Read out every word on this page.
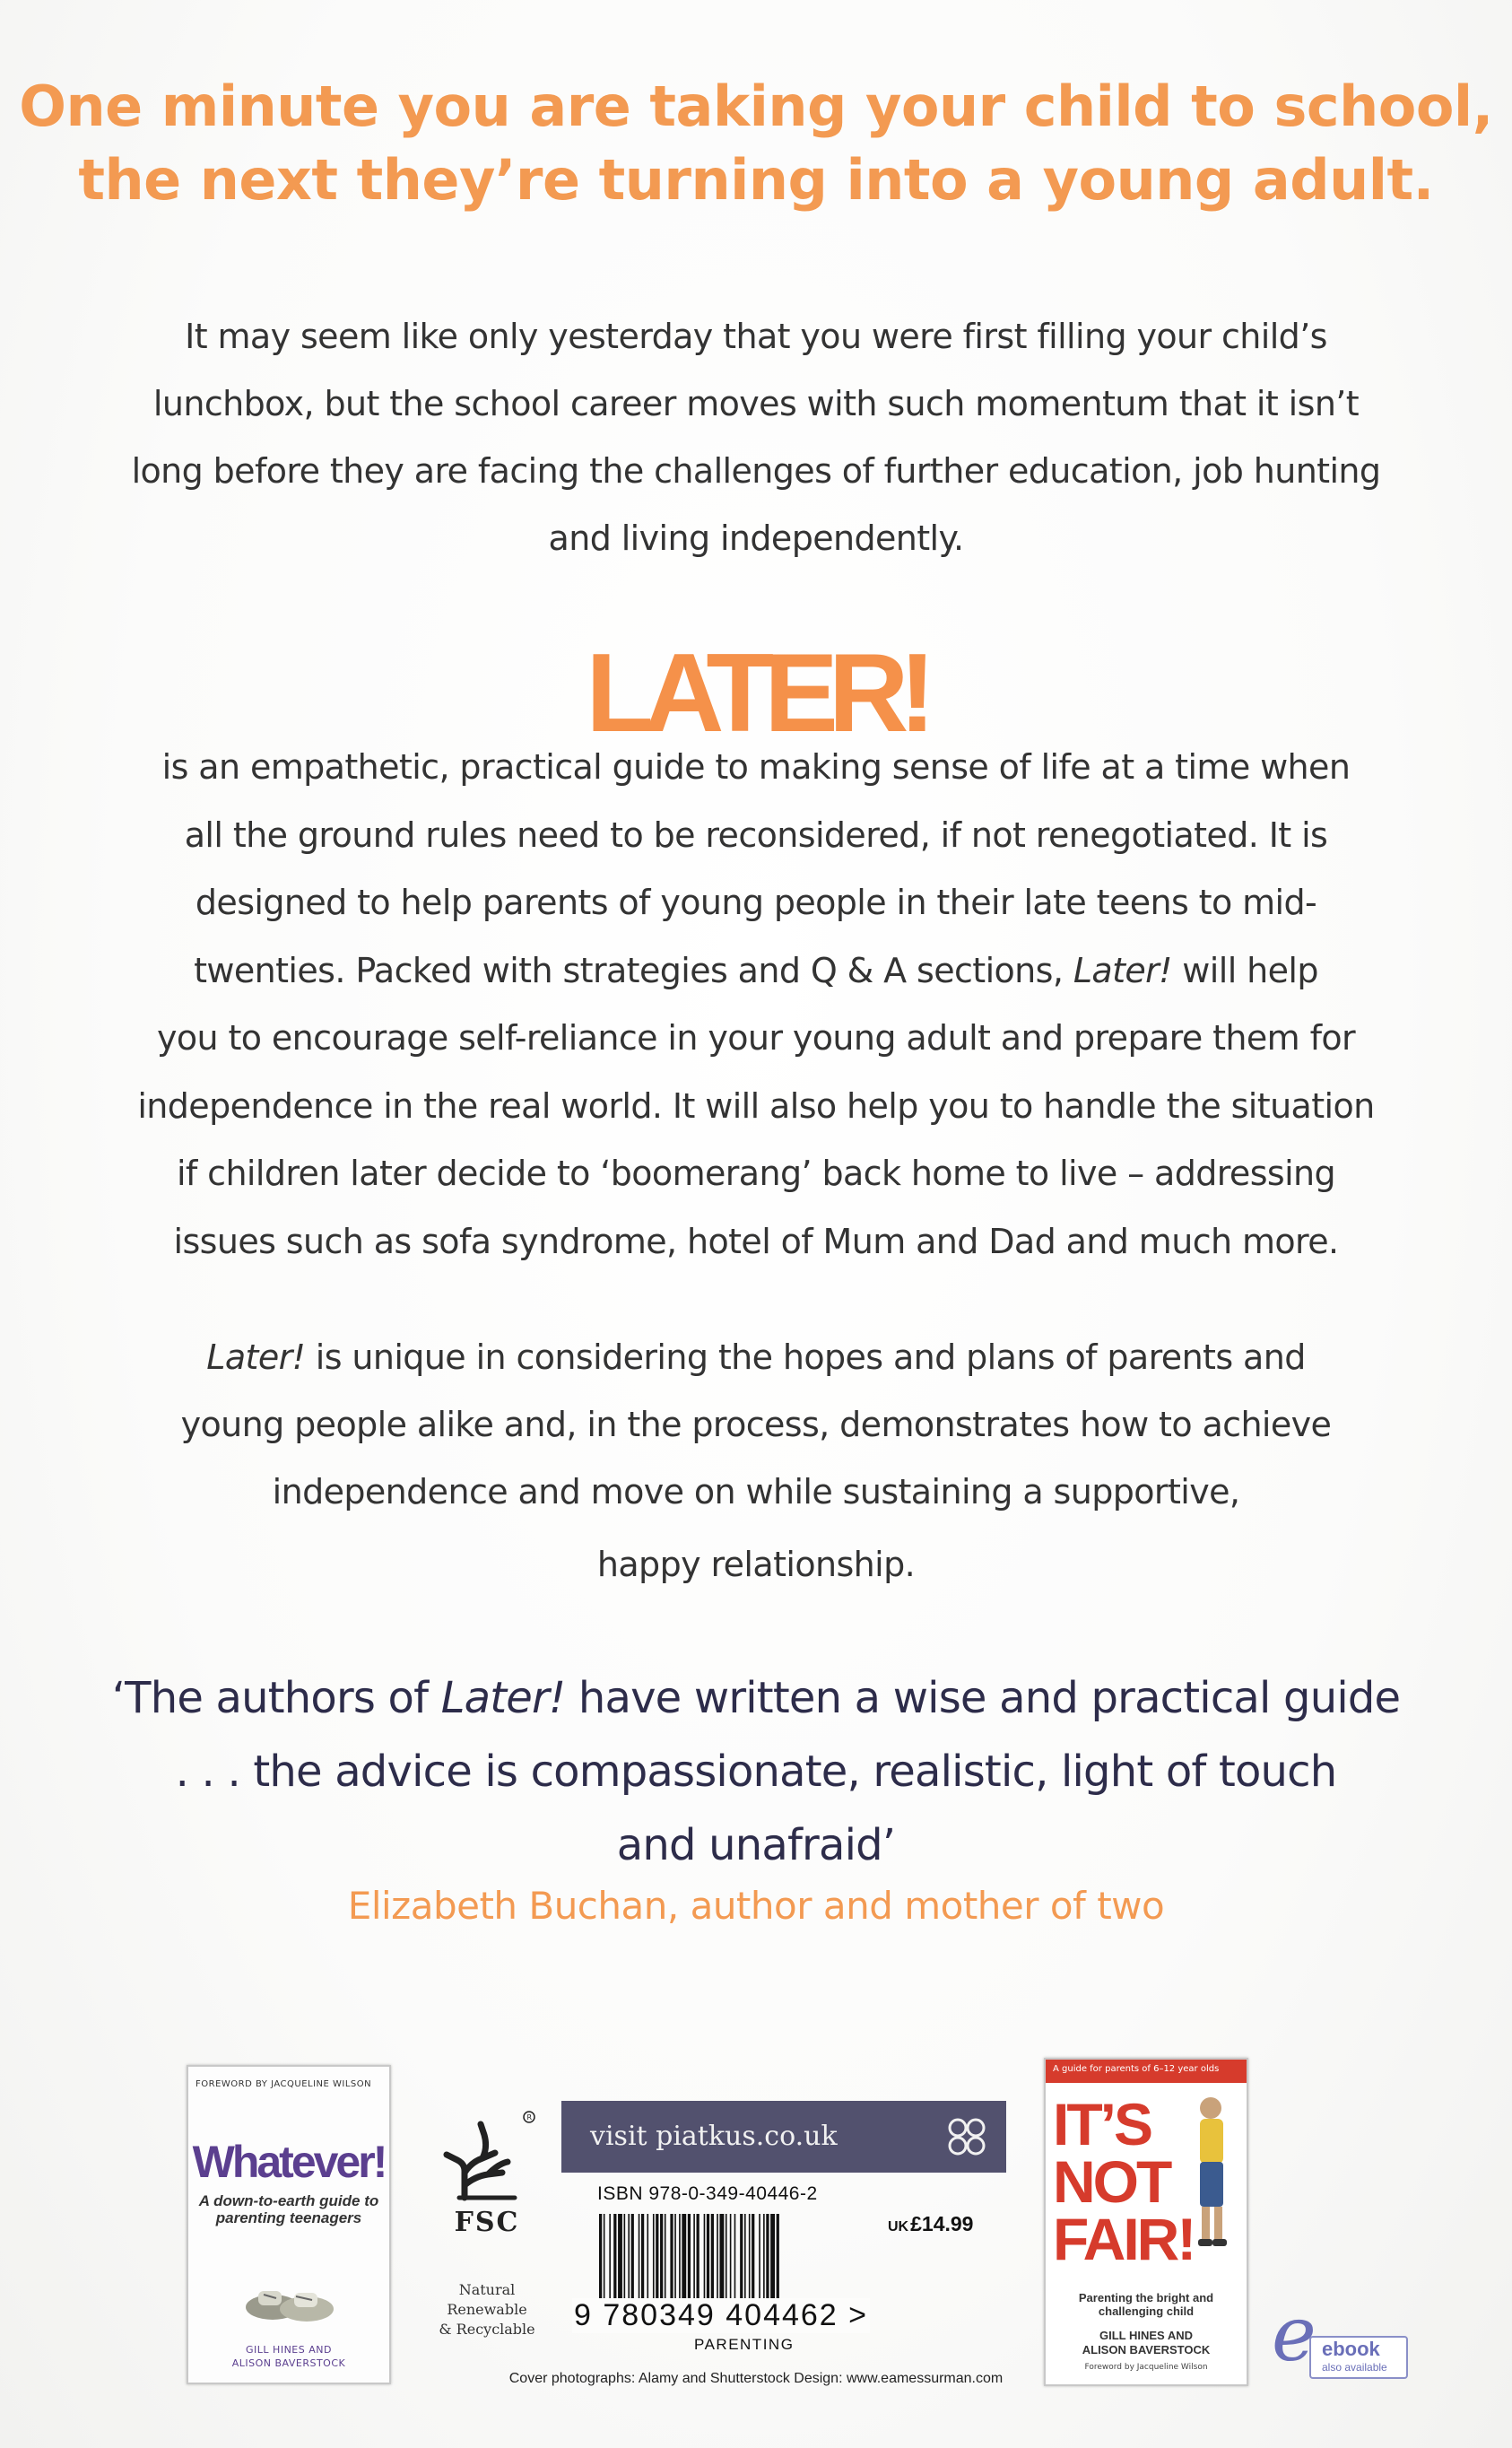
One minute you are taking your child to school,
the next they’re turning into a young adult.
It may seem like only yesterday that you were first filling your child’s
lunchbox, but the school career moves with such momentum that it isn’t
long before they are facing the challenges of further education, job hunting
and living independently.
LATER!
is an empathetic, practical guide to making sense of life at a time when
all the ground rules need to be reconsidered, if not renegotiated. It is
designed to help parents of young people in their late teens to mid-
twenties. Packed with strategies and Q & A sections, Later! will help
you to encourage self-reliance in your young adult and prepare them for
independence in the real world. It will also help you to handle the situation
if children later decide to ‘boomerang’ back home to live – addressing
issues such as sofa syndrome, hotel of Mum and Dad and much more.
Later! is unique in considering the hopes and plans of parents and
young people alike and, in the process, demonstrates how to achieve
independence and move on while sustaining a supportive,
happy relationship.
‘The authors of Later! have written a wise and practical guide
. . . the advice is compassionate, realistic, light of touch
and unafraid’
Elizabeth Buchan, author and mother of two
FOREWORD BY JACQUELINE WILSON
Whatever!
A down-to-earth guide to parenting teenagers
GILL HINES AND
ALISON BAVERSTOCK
R
FSC
Natural
Renewable
& Recyclable
visit piatkus.co.uk
ISBN 978-0-349-40446-2
UK£14.99
9 780349 404462 >
PARENTING
Cover photographs: Alamy and Shutterstock Design: www.eamessurman.com
A guide for parents of 6–12 year olds
IT’S
NOT
FAIR!
Parenting the bright and challenging child
GILL HINES AND
ALISON BAVERSTOCK
Foreword by Jacqueline Wilson e ebook
also available
